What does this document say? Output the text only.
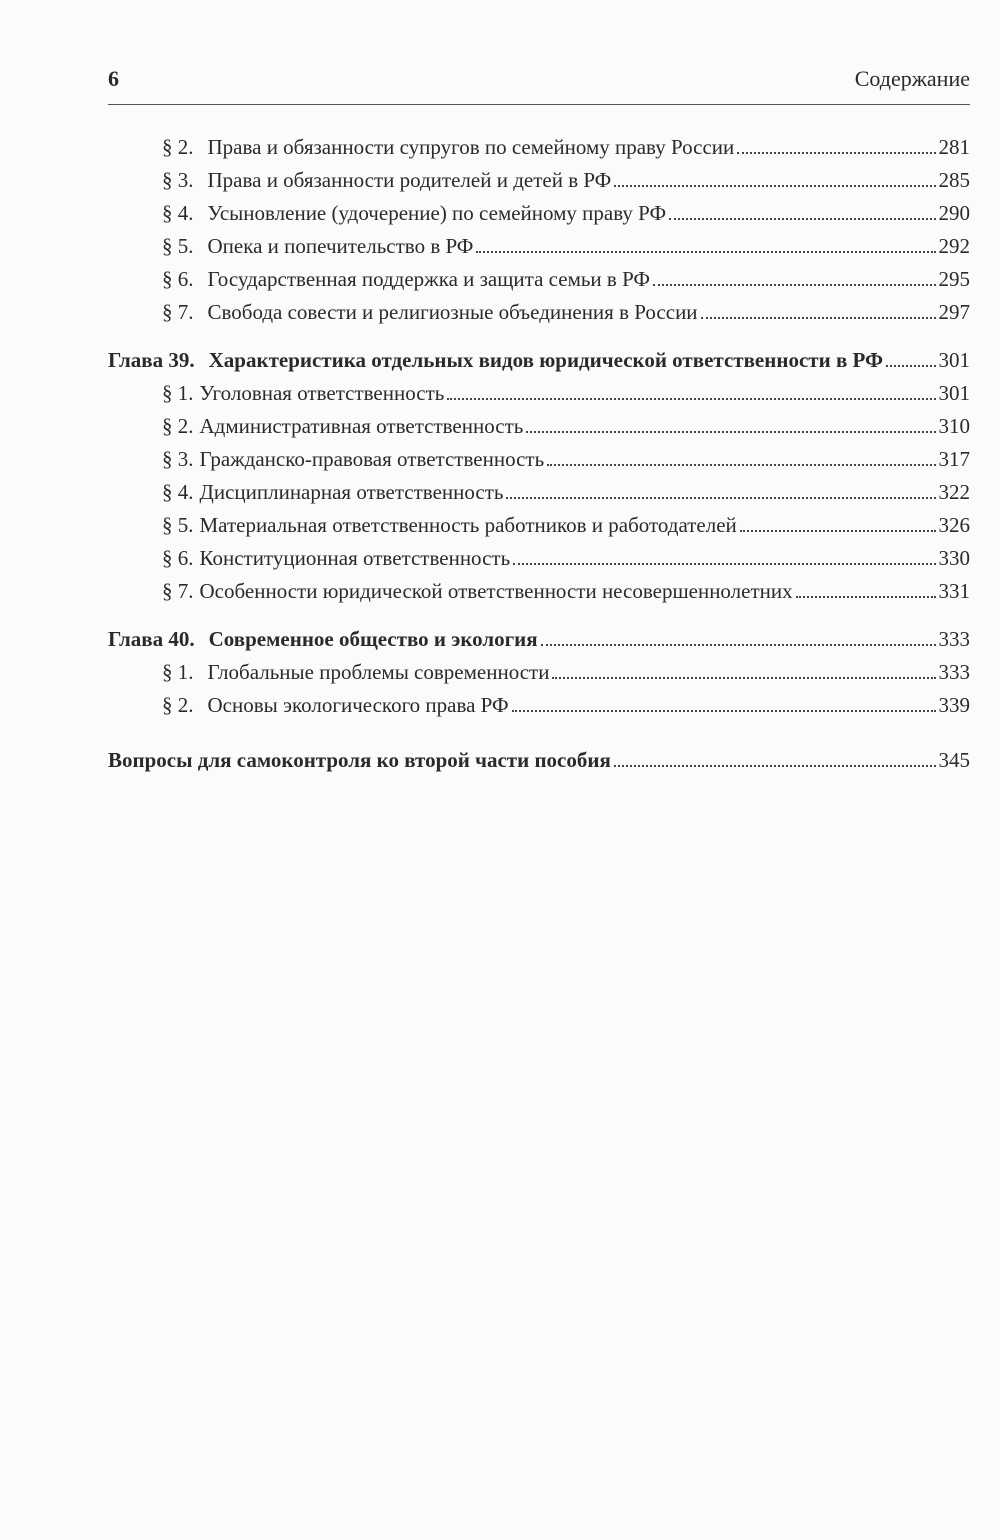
6	Содержание
§ 2. Права и обязанности супругов по семейному праву России	281
§ 3. Права и обязанности родителей и детей в РФ	285
§ 4. Усыновление (удочерение) по семейному праву РФ	290
§ 5. Опека и попечительство в РФ	292
§ 6. Государственная поддержка и защита семьи в РФ	295
§ 7. Свобода совести и религиозные объединения в России	297
Глава 39. Характеристика отдельных видов юридической ответственности в РФ	301
§ 1. Уголовная ответственность	301
§ 2. Административная ответственность	310
§ 3. Гражданско-правовая ответственность	317
§ 4. Дисциплинарная ответственность	322
§ 5. Материальная ответственность работников и работодателей	326
§ 6. Конституционная ответственность	330
§ 7. Особенности юридической ответственности несовершеннолетних	331
Глава 40. Современное общество и экология	333
§ 1. Глобальные проблемы современности	333
§ 2. Основы экологического права РФ	339
Вопросы для самоконтроля ко второй части пособия	345
